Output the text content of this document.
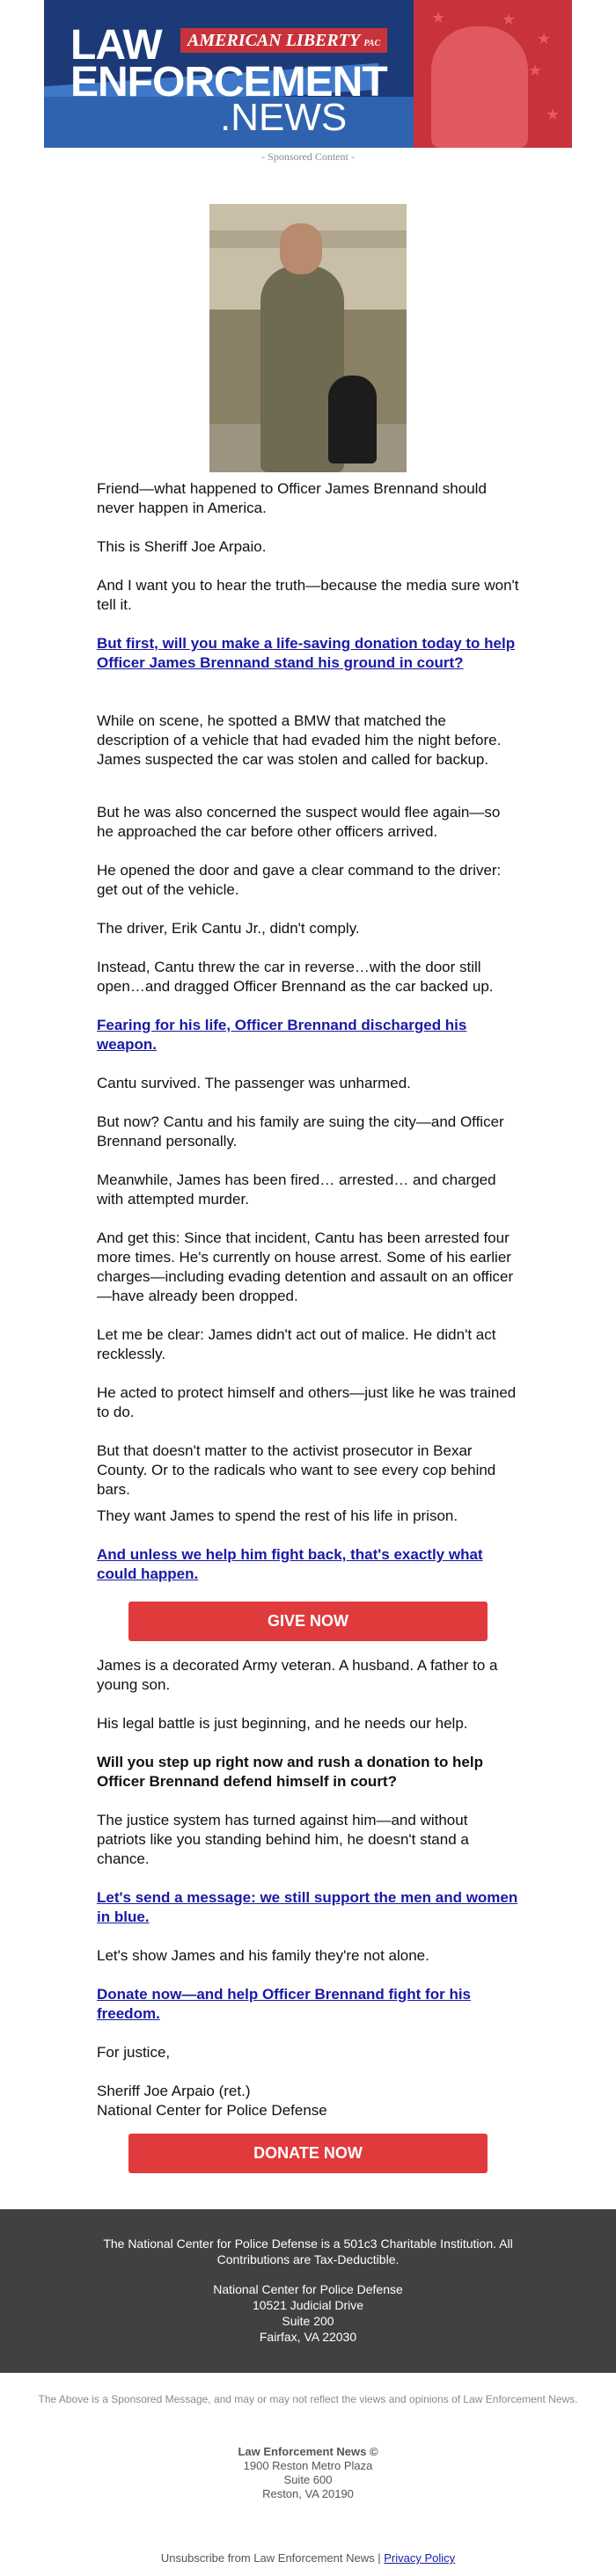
★	★
★
★
★
LAW	AMERICAN LIBERTY PAC
ENFORCEMENT
.NEWS
- Sponsored Content -

Friend—what happened to Officer James Brennand should never happen in America.

This is Sheriff Joe Arpaio.

And I want you to hear the truth—because the media sure won't tell it.

But first, will you make a life-saving donation today to help Officer James Brennand stand his ground in court?

While on scene, he spotted a BMW that matched the description of a vehicle that had evaded him the night before. James suspected the car was stolen and called for backup.

But he was also concerned the suspect would flee again—so he approached the car before other officers arrived.

He opened the door and gave a clear command to the driver: get out of the vehicle.

The driver, Erik Cantu Jr., didn't comply.

Instead, Cantu threw the car in reverse…with the door still open…and dragged Officer Brennand as the car backed up.

Fearing for his life, Officer Brennand discharged his weapon.

Cantu survived. The passenger was unharmed.

But now? Cantu and his family are suing the city—and Officer Brennand personally.

Meanwhile, James has been fired… arrested… and charged with attempted murder.

And get this: Since that incident, Cantu has been arrested four more times. He's currently on house arrest. Some of his earlier charges—including evading detention and assault on an officer—have already been dropped.

Let me be clear: James didn't act out of malice. He didn't act recklessly.

He acted to protect himself and others—just like he was trained to do.

But that doesn't matter to the activist prosecutor in Bexar County. Or to the radicals who want to see every cop behind bars.

They want James to spend the rest of his life in prison.

And unless we help him fight back, that's exactly what could happen.

GIVE NOW

James is a decorated Army veteran. A husband. A father to a young son.

His legal battle is just beginning, and he needs our help.

Will you step up right now and rush a donation to help Officer Brennand defend himself in court?

The justice system has turned against him—and without patriots like you standing behind him, he doesn't stand a chance.

Let's send a message: we still support the men and women in blue.

Let's show James and his family they're not alone.

Donate now—and help Officer Brennand fight for his freedom.

For justice,

Sheriff Joe Arpaio (ret.)

National Center for Police Defense

DONATE NOW
The National Center for Police Defense is a 501c3 Charitable Institution. All Contributions are Tax-Deductible.
National Center for Police Defense
10521 Judicial Drive
Suite 200
Fairfax, VA 22030
The Above is a Sponsored Message, and may or may not reflect the views and opinions of Law Enforcement News.
Law Enforcement News ©
1900 Reston Metro Plaza
Suite 600
Reston, VA 20190
Unsubscribe from Law Enforcement News | Privacy Policy
